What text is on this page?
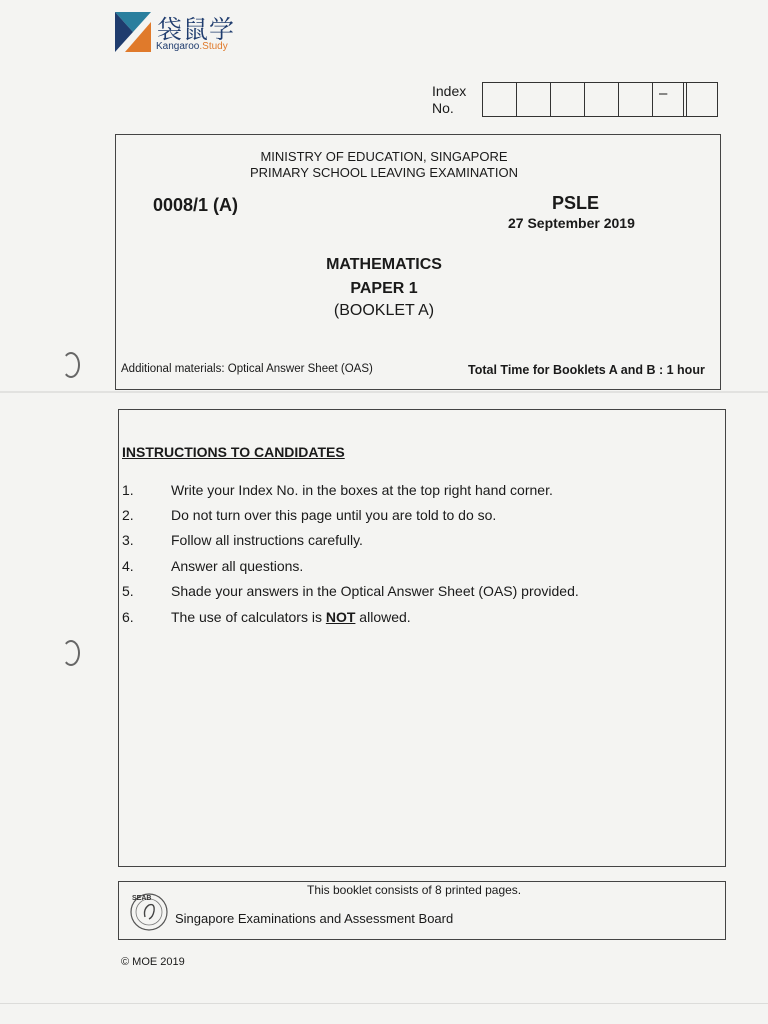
袋鼠学
Kangaroo.Study
Index
No.
–
MINISTRY OF EDUCATION, SINGAPORE
PRIMARY SCHOOL LEAVING EXAMINATION
0008/1 (A)	PSLE
27 September 2019
MATHEMATICS
PAPER 1
(BOOKLET A)
Additional materials: Optical Answer Sheet (OAS)	Total Time for Booklets A and B : 1 hour
INSTRUCTIONS TO CANDIDATES
1.	Write your Index No. in the boxes at the top right hand corner.
2.	Do not turn over this page until you are told to do so.
3.	Follow all instructions carefully.
4.	Answer all questions.
5.	Shade your answers in the Optical Answer Sheet (OAS) provided.
6.	The use of calculators is NOT allowed.
This booklet consists of 8 printed pages.
SEAB
Singapore Examinations and Assessment Board
© MOE 2019
